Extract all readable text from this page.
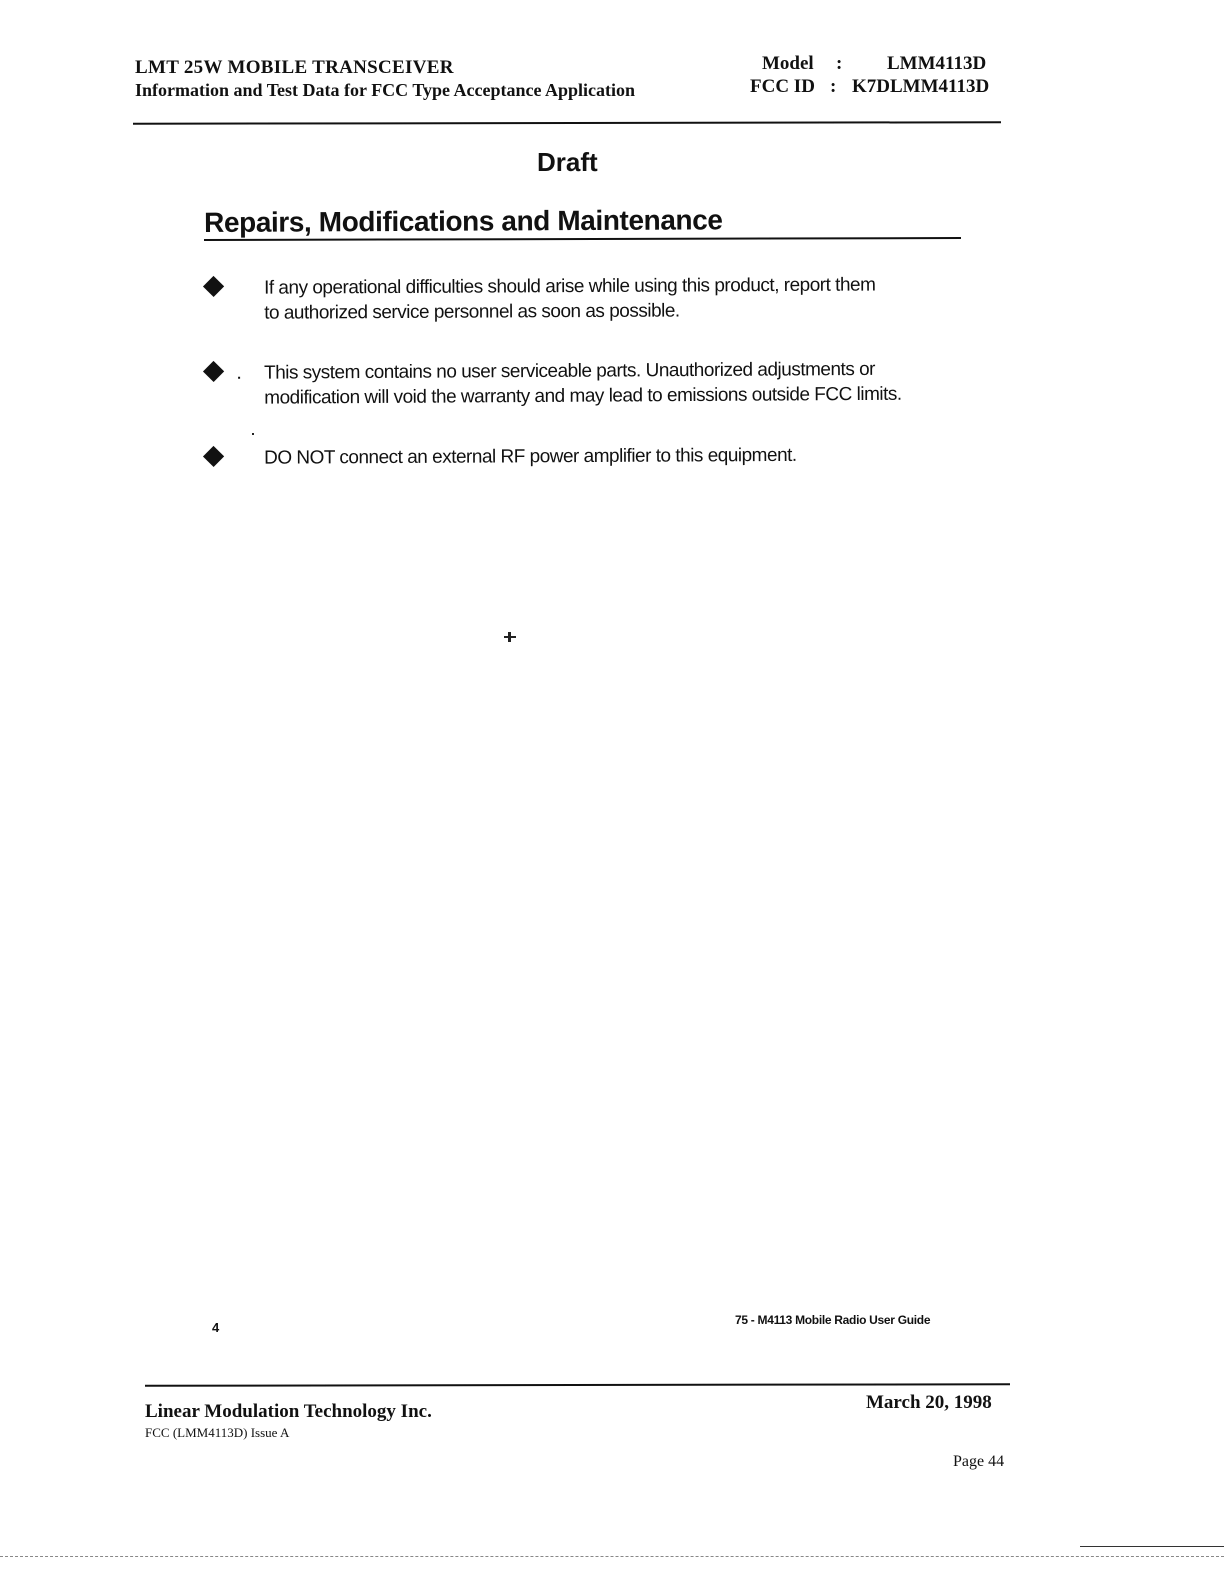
LMT 25W MOBILE TRANSCEIVER
Information and Test Data for FCC Type Acceptance Application
Model : LMM4113D
FCC ID : K7DLMM4113D
Draft
Repairs, Modifications and Maintenance
If any operational difficulties should arise while using this product, report them
to authorized service personnel as soon as possible.
This system contains no user serviceable parts. Unauthorized adjustments or
modification will void the warranty and may lead to emissions outside FCC limits.
DO NOT connect an external RF power amplifier to this equipment.
4	75 - M4113 Mobile Radio User Guide
Linear Modulation Technology Inc.
FCC (LMM4113D) Issue A
March 20, 1998
Page 44
